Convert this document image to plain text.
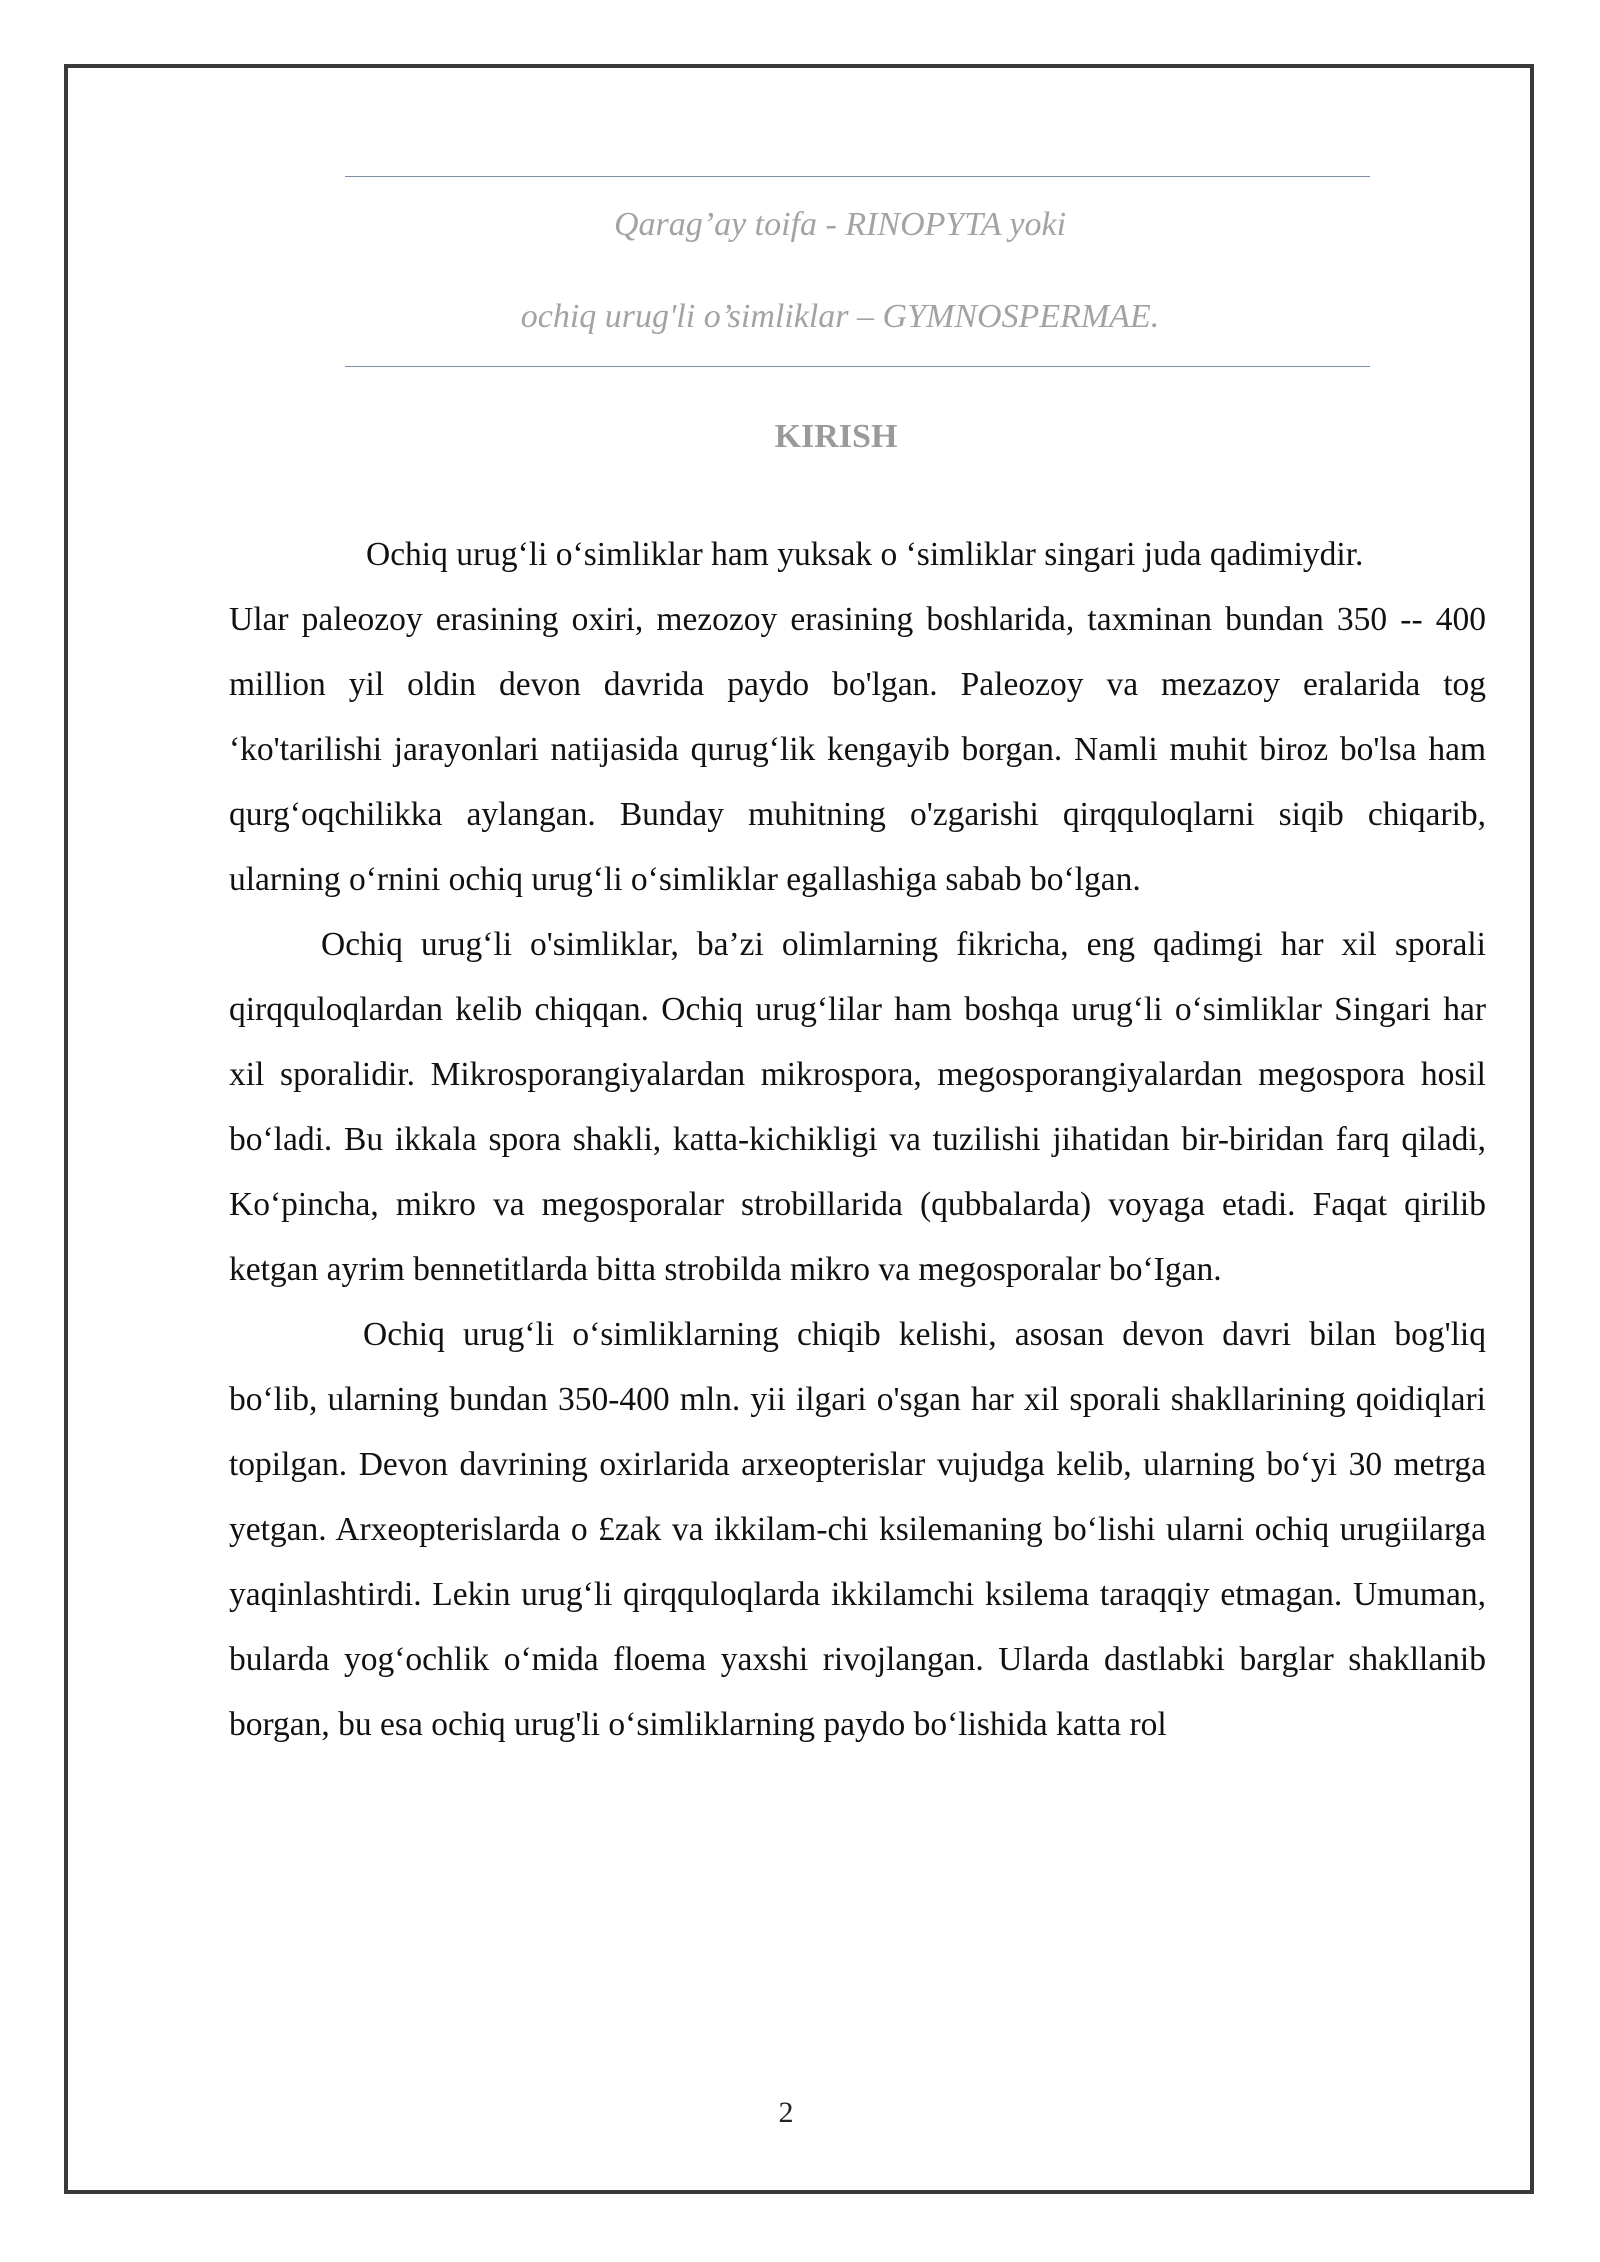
Qarag’ay toifa - RINOPYTA yoki
ochiq urug'li o’simliklar – GYMNOSPERMAE.
KIRISH

Ochiq urug‘li o‘simliklar ham yuksak o ‘simliklar singari juda qadimiydir.

Ular paleozoy erasining oxiri, mezozoy erasining boshlarida, taxminan bundan 350 -- 400 million yil oldin devon davrida paydo bo'lgan. Paleozoy va mezazoy eralarida tog ‘ko'tarilishi jarayonlari natijasida qurug‘lik kengayib borgan. Namli muhit biroz bo'lsa ham qurg‘oqchilikka aylangan. Bunday muhitning o'zgarishi qirqquloqlarni siqib chiqarib, ularning o‘rnini ochiq urug‘li o‘simliklar egallashiga sabab bo‘lgan.

Ochiq urug‘li o'simliklar, ba’zi olimlarning fikricha, eng qadimgi har xil sporali qirqquloqlardan kelib chiqqan. Ochiq urug‘lilar ham boshqa urug‘li o‘simliklar Singari har xil sporalidir. Mikrosporangiyalardan mikrospora, megosporangiyalardan megospora hosil bo‘ladi. Bu ikkala spora shakli, katta-kichikligi va tuzilishi jihatidan bir-biridan farq qiladi, Ko‘pincha, mikro va megosporalar strobillarida (qubbalarda) voyaga etadi. Faqat qirilib ketgan ayrim bennetitlarda bitta strobilda mikro va megosporalar bo‘Igan.

Ochiq urug‘li o‘simliklarning chiqib kelishi, asosan devon davri bilan bog'liq bo‘lib, ularning bundan 350-400 mln. yii ilgari o'sgan har xil sporali shakllarining qoidiqlari topilgan. Devon davrining oxirlarida arxeopterislar vujudga kelib, ularning bo‘yi 30 metrga yetgan. Arxeopterislarda o £zak va ikkilam-chi ksilemaning bo‘lishi ularni ochiq urugiilarga yaqinlashtirdi. Lekin urug‘li qirqquloqlarda ikkilamchi ksilema taraqqiy etmagan. Umuman, bularda yog‘ochlik o‘mida floema yaxshi rivojlangan. Ularda dastlabki barglar shakllanib borgan, bu esa ochiq urug'li o‘simliklarning paydo bo‘lishida katta rol

2
